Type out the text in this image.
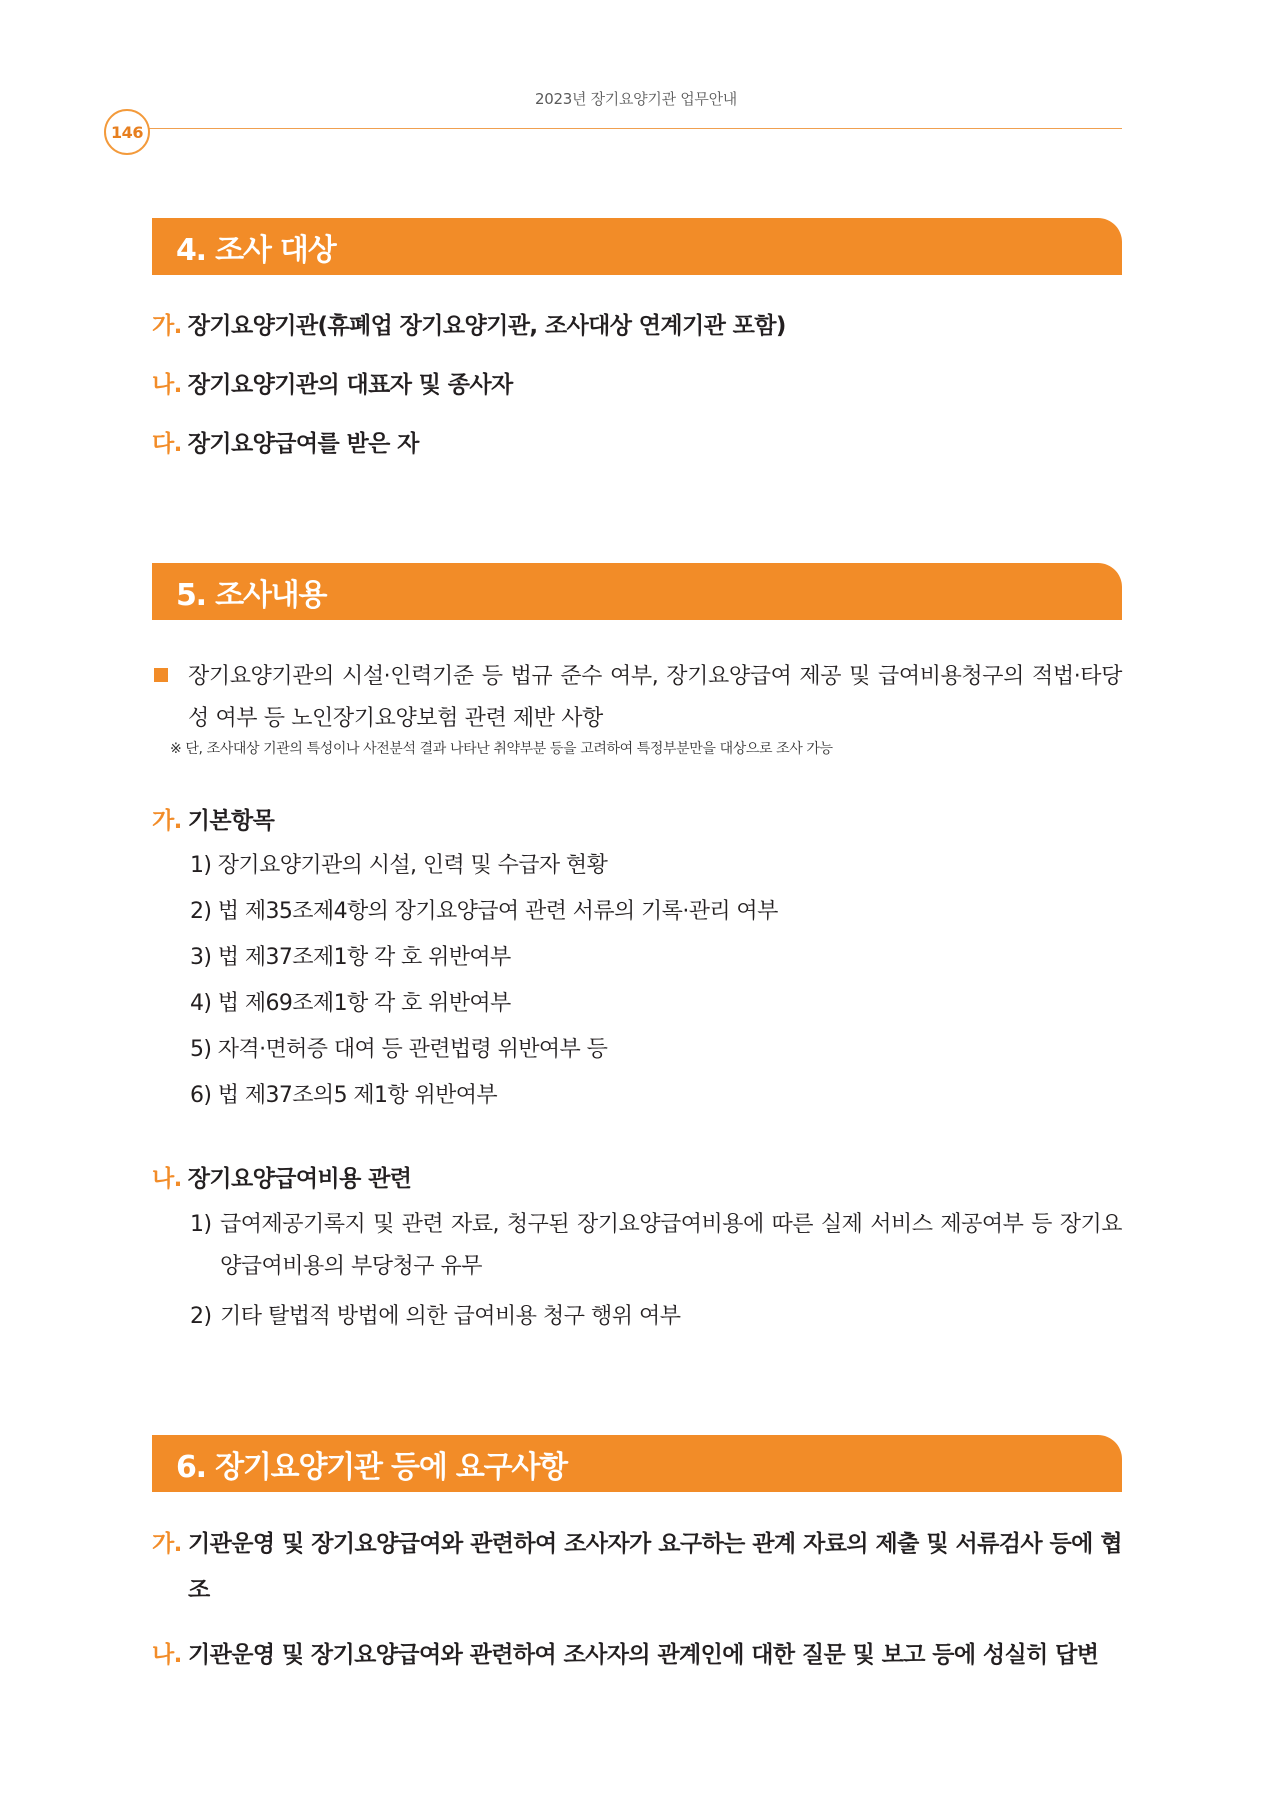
2023년 장기요양기관 업무안내
146
4. 조사 대상
가. 장기요양기관(휴폐업 장기요양기관, 조사대상 연계기관 포함)
나. 장기요양기관의 대표자 및 종사자
다. 장기요양급여를 받은 자
5. 조사내용
장기요양기관의 시설·인력기준 등 법규 준수 여부, 장기요양급여 제공 및 급여비용청구의 적법·타당성 여부 등 노인장기요양보험 관련 제반 사항
※ 단, 조사대상 기관의 특성이나 사전분석 결과 나타난 취약부분 등을 고려하여 특정부분만을 대상으로 조사 가능
가. 기본항목
1) 장기요양기관의 시설, 인력 및 수급자 현황
2) 법 제35조제4항의 장기요양급여 관련 서류의 기록·관리 여부
3) 법 제37조제1항 각 호 위반여부
4) 법 제69조제1항 각 호 위반여부
5) 자격·면허증 대여 등 관련법령 위반여부 등
6) 법 제37조의5 제1항 위반여부
나. 장기요양급여비용 관련
1) 급여제공기록지 및 관련 자료, 청구된 장기요양급여비용에 따른 실제 서비스 제공여부 등 장기요양급여비용의 부당청구 유무
2) 기타 탈법적 방법에 의한 급여비용 청구 행위 여부
6. 장기요양기관 등에 요구사항
가. 기관운영 및 장기요양급여와 관련하여 조사자가 요구하는 관계 자료의 제출 및 서류검사 등에 협조
나. 기관운영 및 장기요양급여와 관련하여 조사자의 관계인에 대한 질문 및 보고 등에 성실히 답변
